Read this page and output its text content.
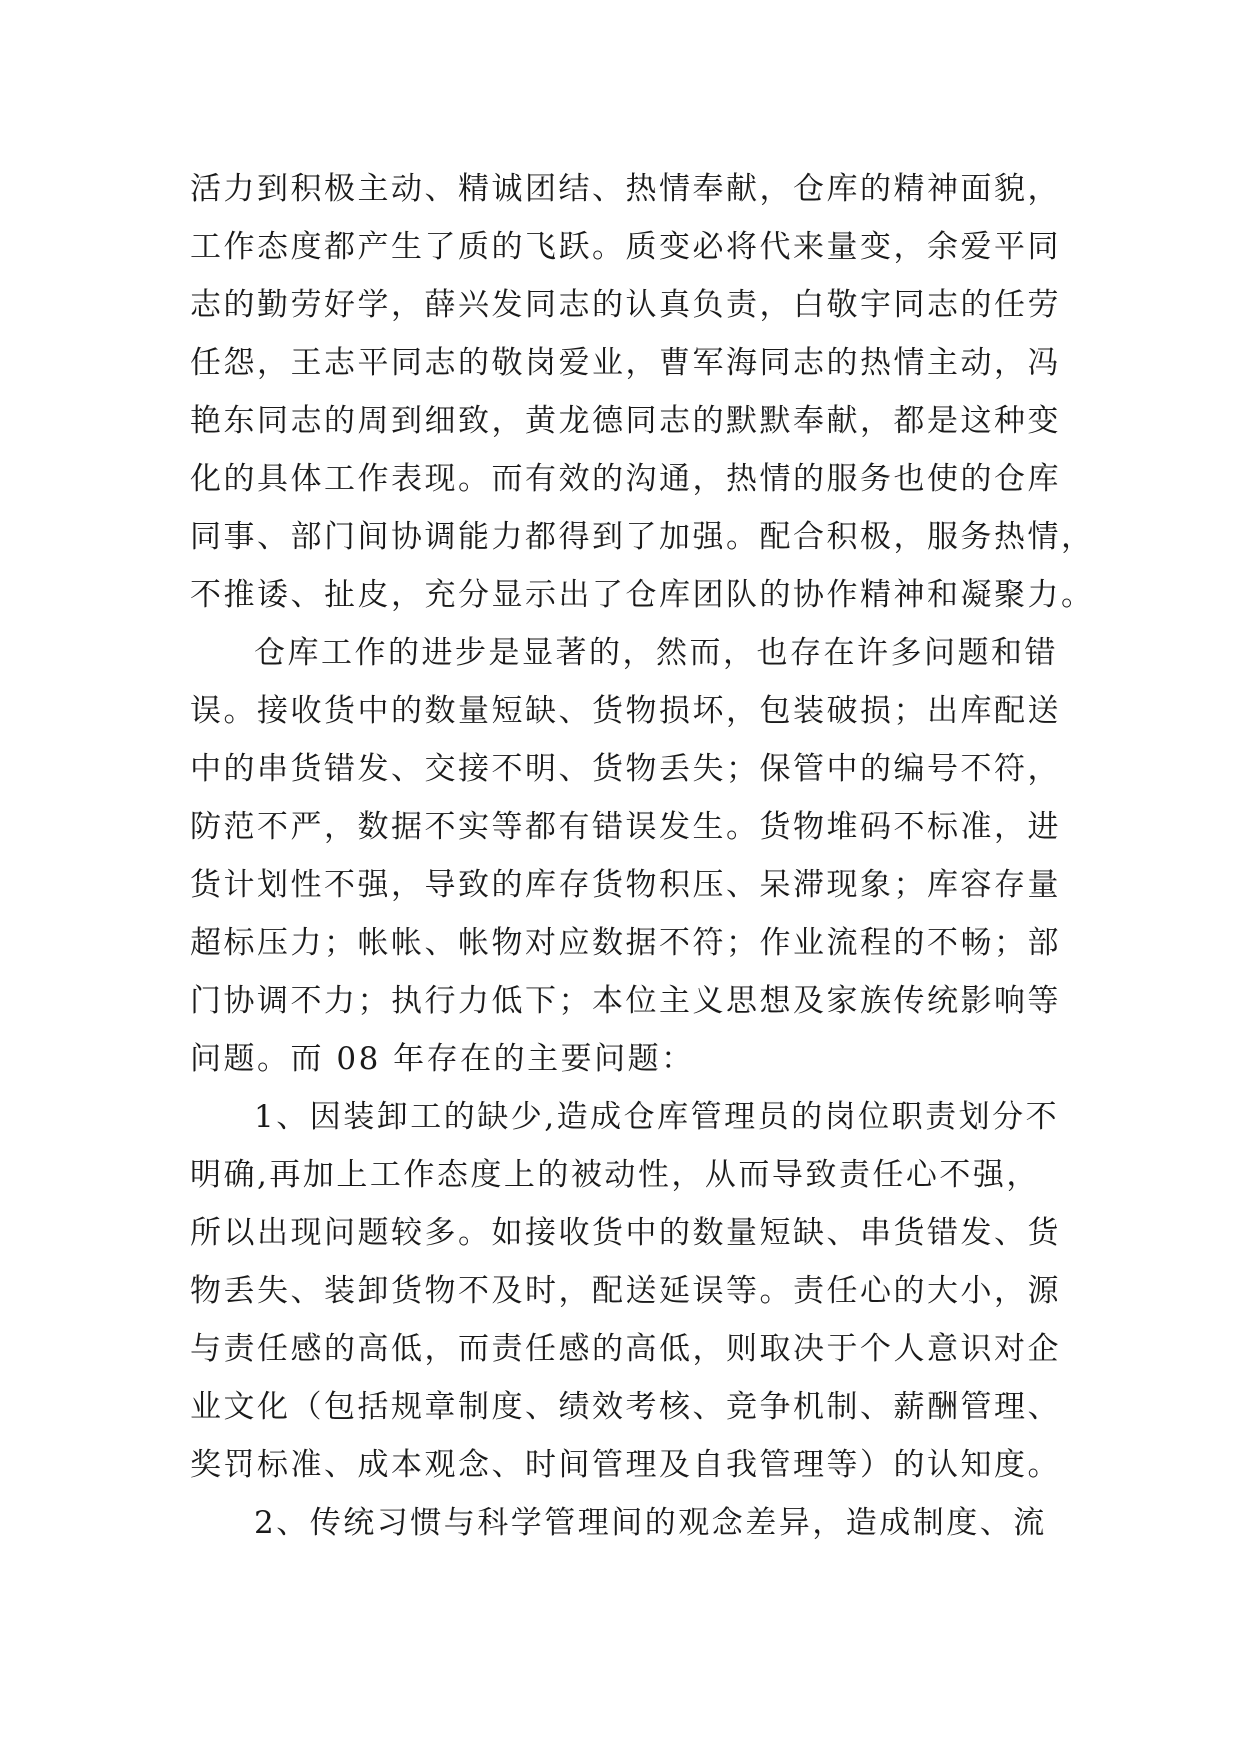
活力到积极主动、精诚团结、热情奉献，仓库的精神面貌，
工作态度都产生了质的飞跃。质变必将代来量变，余爱平同
志的勤劳好学，薛兴发同志的认真负责，白敬宇同志的任劳
任怨，王志平同志的敬岗爱业，曹军海同志的热情主动，冯
艳东同志的周到细致，黄龙德同志的默默奉献，都是这种变
化的具体工作表现。而有效的沟通，热情的服务也使的仓库
同事、部门间协调能力都得到了加强。配合积极，服务热情，
不推诿、扯皮，充分显示出了仓库团队的协作精神和凝聚力。
仓库工作的进步是显著的，然而，也存在许多问题和错
误。接收货中的数量短缺、货物损坏，包装破损；出库配送
中的串货错发、交接不明、货物丢失；保管中的编号不符，
防范不严，数据不实等都有错误发生。货物堆码不标准，进
货计划性不强，导致的库存货物积压、呆滞现象；库容存量
超标压力；帐帐、帐物对应数据不符；作业流程的不畅；部
门协调不力；执行力低下；本位主义思想及家族传统影响等
问题。而 08 年存在的主要问题：
1、因装卸工的缺少,造成仓库管理员的岗位职责划分不
明确,再加上工作态度上的被动性，从而导致责任心不强，
所以出现问题较多。如接收货中的数量短缺、串货错发、货
物丢失、装卸货物不及时，配送延误等。责任心的大小，源
与责任感的高低，而责任感的高低，则取决于个人意识对企
业文化（包括规章制度、绩效考核、竞争机制、薪酬管理、
奖罚标准、成本观念、时间管理及自我管理等）的认知度。
2、传统习惯与科学管理间的观念差异，造成制度、流
